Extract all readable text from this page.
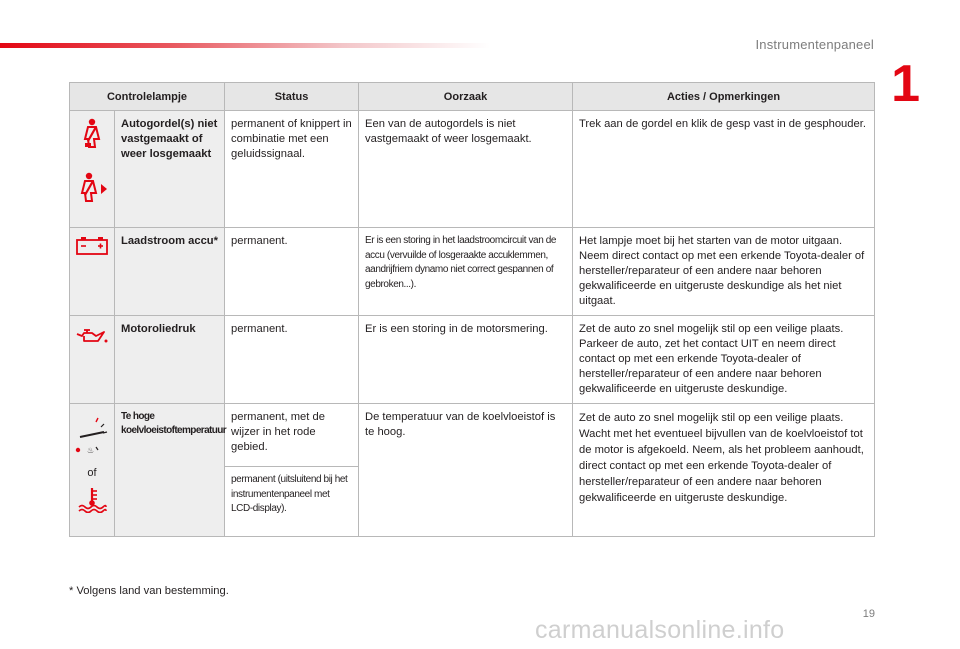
Instrumentenpaneel
1
Controlelampje		Status	Oorzaak	Acties / Opmerkingen

	Autogordel(s) niet vastgemaakt of weer losgemaakt	permanent of knippert in combinatie met een geluidssignaal.	Een van de autogordels is niet vastgemaakt of weer losgemaakt.	Trek aan de gordel en klik de gesp vast in de gesphouder.

	Laadstroom accu*	permanent.	Er is een storing in het laadstroomcircuit van de accu (vervuilde of losgeraakte accuklemmen, aandrijfriem dynamo niet correct gespannen of gebroken...).	Het lampje moet bij het starten van de motor uitgaan. Neem direct contact op met een erkende Toyota-dealer of hersteller/reparateur of een andere naar behoren gekwalificeerde en uitgeruste deskundige als het niet uitgaat.

	Motoroliedruk	permanent.	Er is een storing in de motorsmering.	Zet de auto zo snel mogelijk stil op een veilige plaats. Parkeer de auto, zet het contact UIT en neem direct contact op met een erkende Toyota-dealer of hersteller/reparateur of een andere naar behoren gekwalificeerde en uitgeruste deskundige.

♨
of	Te hoge koelvloeistoftemperatuur	permanent, met de wijzer in het rode gebied.	De temperatuur van de koelvloeistof is te hoog.	Zet de auto zo snel mogelijk stil op een veilige plaats. Wacht met het eventueel bijvullen van de koelvloeistof tot de motor is afgekoeld. Neem, als het probleem aanhoudt, direct contact op met een erkende Toyota-dealer of hersteller/reparateur of een andere naar behoren gekwalificeerde en uitgeruste deskundige.
		permanent (uitsluitend bij het instrumentenpaneel met LCD-display).		
* Volgens land van bestemming.
19
carmanualsonline.info
